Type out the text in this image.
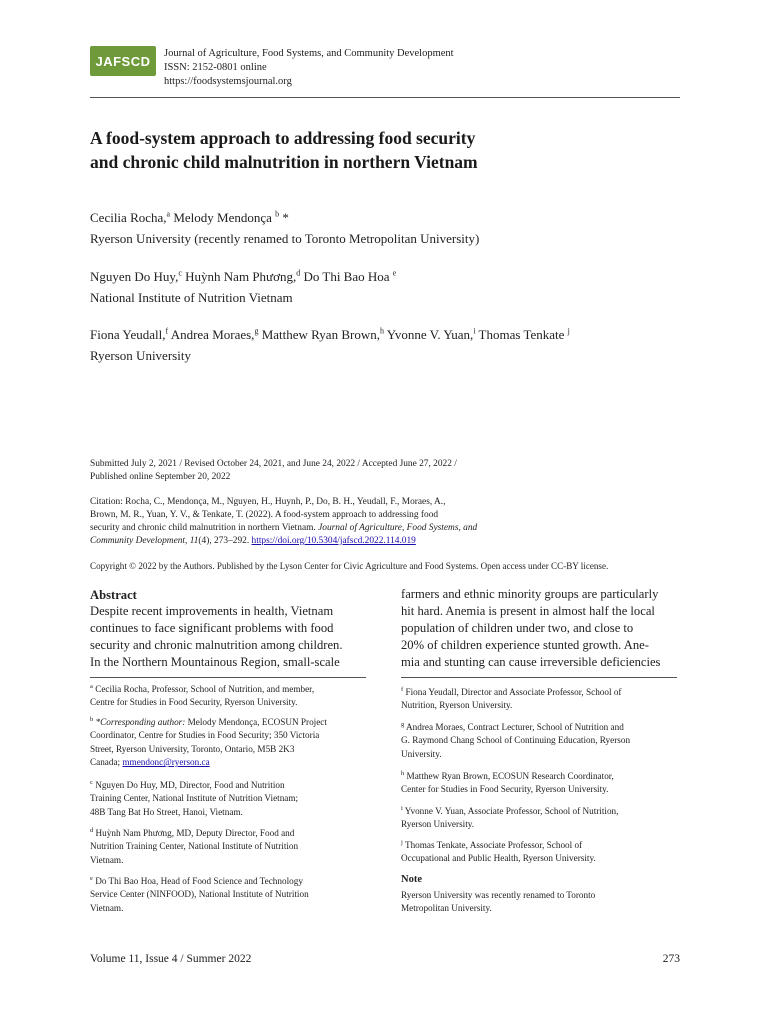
JAFSCD Journal of Agriculture, Food Systems, and Community Development
ISSN: 2152-0801 online
https://foodsystemsjournal.org
A food-system approach to addressing food security
and chronic child malnutrition in northern Vietnam
Cecilia Rocha,$^a$ Melody Mendonça $^b$ *
Ryerson University (recently renamed to Toronto Metropolitan University)
Nguyen Do Huy,$^c$ Huỳnh Nam Phương,$^d$ Do Thi Bao Hoa $^e$
National Institute of Nutrition Vietnam
Fiona Yeudall,$^f$ Andrea Moraes,$^g$ Matthew Ryan Brown,$^h$ Yvonne V. Yuan,$^i$ Thomas Tenkate $^j$
Ryerson University
Submitted July 2, 2021 / Revised October 24, 2021, and June 24, 2022 / Accepted June 27, 2022 /
Published online September 20, 2022
Citation: Rocha, C., Mendonça, M., Nguyen, H., Huynh, P., Do, B. H., Yeudall, F., Moraes, A.,
Brown, M. R., Yuan, Y. V., & Tenkate, T. (2022). A food-system approach to addressing food
security and chronic child malnutrition in northern Vietnam. Journal of Agriculture, Food Systems, and
Community Development, 11(4), 273–292. https://doi.org/10.5304/jafscd.2022.114.019
Copyright © 2022 by the Authors. Published by the Lyson Center for Civic Agriculture and Food Systems. Open access under CC-BY license.
Abstract
Despite recent improvements in health, Vietnam
continues to face significant problems with food
security and chronic malnutrition among children.
In the Northern Mountainous Region, small-scale
farmers and ethnic minority groups are particularly
hit hard. Anemia is present in almost half the local
population of children under two, and close to
20% of children experience stunted growth. Ane-
mia and stunting can cause irreversible deficiencies
$^a$ Cecilia Rocha, Professor, School of Nutrition, and member,
Centre for Studies in Food Security, Ryerson University.
$^b$ *Corresponding author: Melody Mendonça, ECOSUN Project
Coordinator, Centre for Studies in Food Security; 350 Victoria
Street, Ryerson University, Toronto, Ontario, M5B 2K3
Canada; mmendonc@ryerson.ca
$^c$ Nguyen Do Huy, MD, Director, Food and Nutrition
Training Center, National Institute of Nutrition Vietnam;
48B Tang Bat Ho Street, Hanoi, Vietnam.
$^d$ Huỳnh Nam Phương, MD, Deputy Director, Food and
Nutrition Training Center, National Institute of Nutrition
Vietnam.
$^e$ Do Thi Bao Hoa, Head of Food Science and Technology
Service Center (NINFOOD), National Institute of Nutrition
Vietnam.
$^f$ Fiona Yeudall, Director and Associate Professor, School of
Nutrition, Ryerson University.
$^g$ Andrea Moraes, Contract Lecturer, School of Nutrition and
G. Raymond Chang School of Continuing Education, Ryerson
University.
$^h$ Matthew Ryan Brown, ECOSUN Research Coordinator,
Center for Studies in Food Security, Ryerson University.
$^i$ Yvonne V. Yuan, Associate Professor, School of Nutrition,
Ryerson University.
$^j$ Thomas Tenkate, Associate Professor, School of
Occupational and Public Health, Ryerson University.
Note
Ryerson University was recently renamed to Toronto
Metropolitan University.
Volume 11, Issue 4 / Summer 2022	273
